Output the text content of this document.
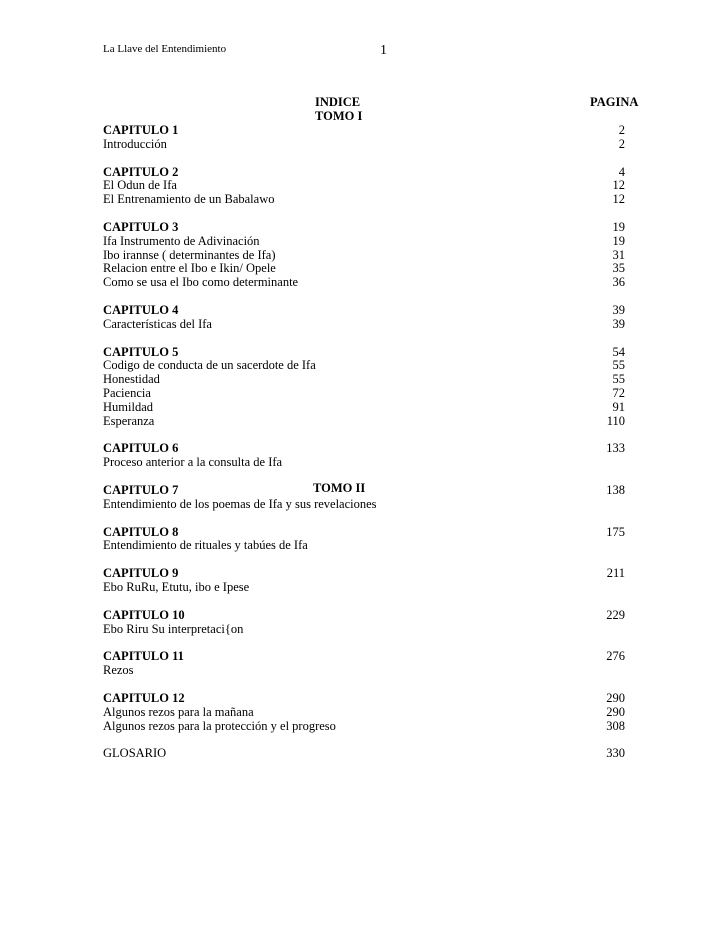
La Llave del Entendimiento	1
INDICE
TOMO I
PAGINA
TOMO II
CAPITULO 1	2
Introducción	2
CAPITULO 2	4
El Odun de Ifa	12
El Entrenamiento de un Babalawo	12
CAPITULO 3	19
Ifa Instrumento de Adivinación	19
Ibo irannse ( determinantes de Ifa)	31
Relacion entre el Ibo e Ikin/ Opele	35
Como se usa el Ibo como determinante	36
CAPITULO 4	39
Características del Ifa	39
CAPITULO 5	54
Codigo de conducta de un sacerdote de Ifa	55
Honestidad	55
Paciencia	72
Humildad	91
Esperanza	110
CAPITULO 6	133
Proceso anterior a la consulta de Ifa
CAPITULO 7	138
Entendimiento de los poemas de Ifa y sus revelaciones
CAPITULO 8	175
Entendimiento de rituales y tabúes de Ifa
CAPITULO 9	211
Ebo RuRu, Etutu, ibo e Ipese
CAPITULO 10	229
Ebo Riru Su interpretaci{on
CAPITULO 11	276
Rezos
CAPITULO 12	290
Algunos rezos para la mañana	290
Algunos rezos para la protección y el progreso	308
GLOSARIO	330
